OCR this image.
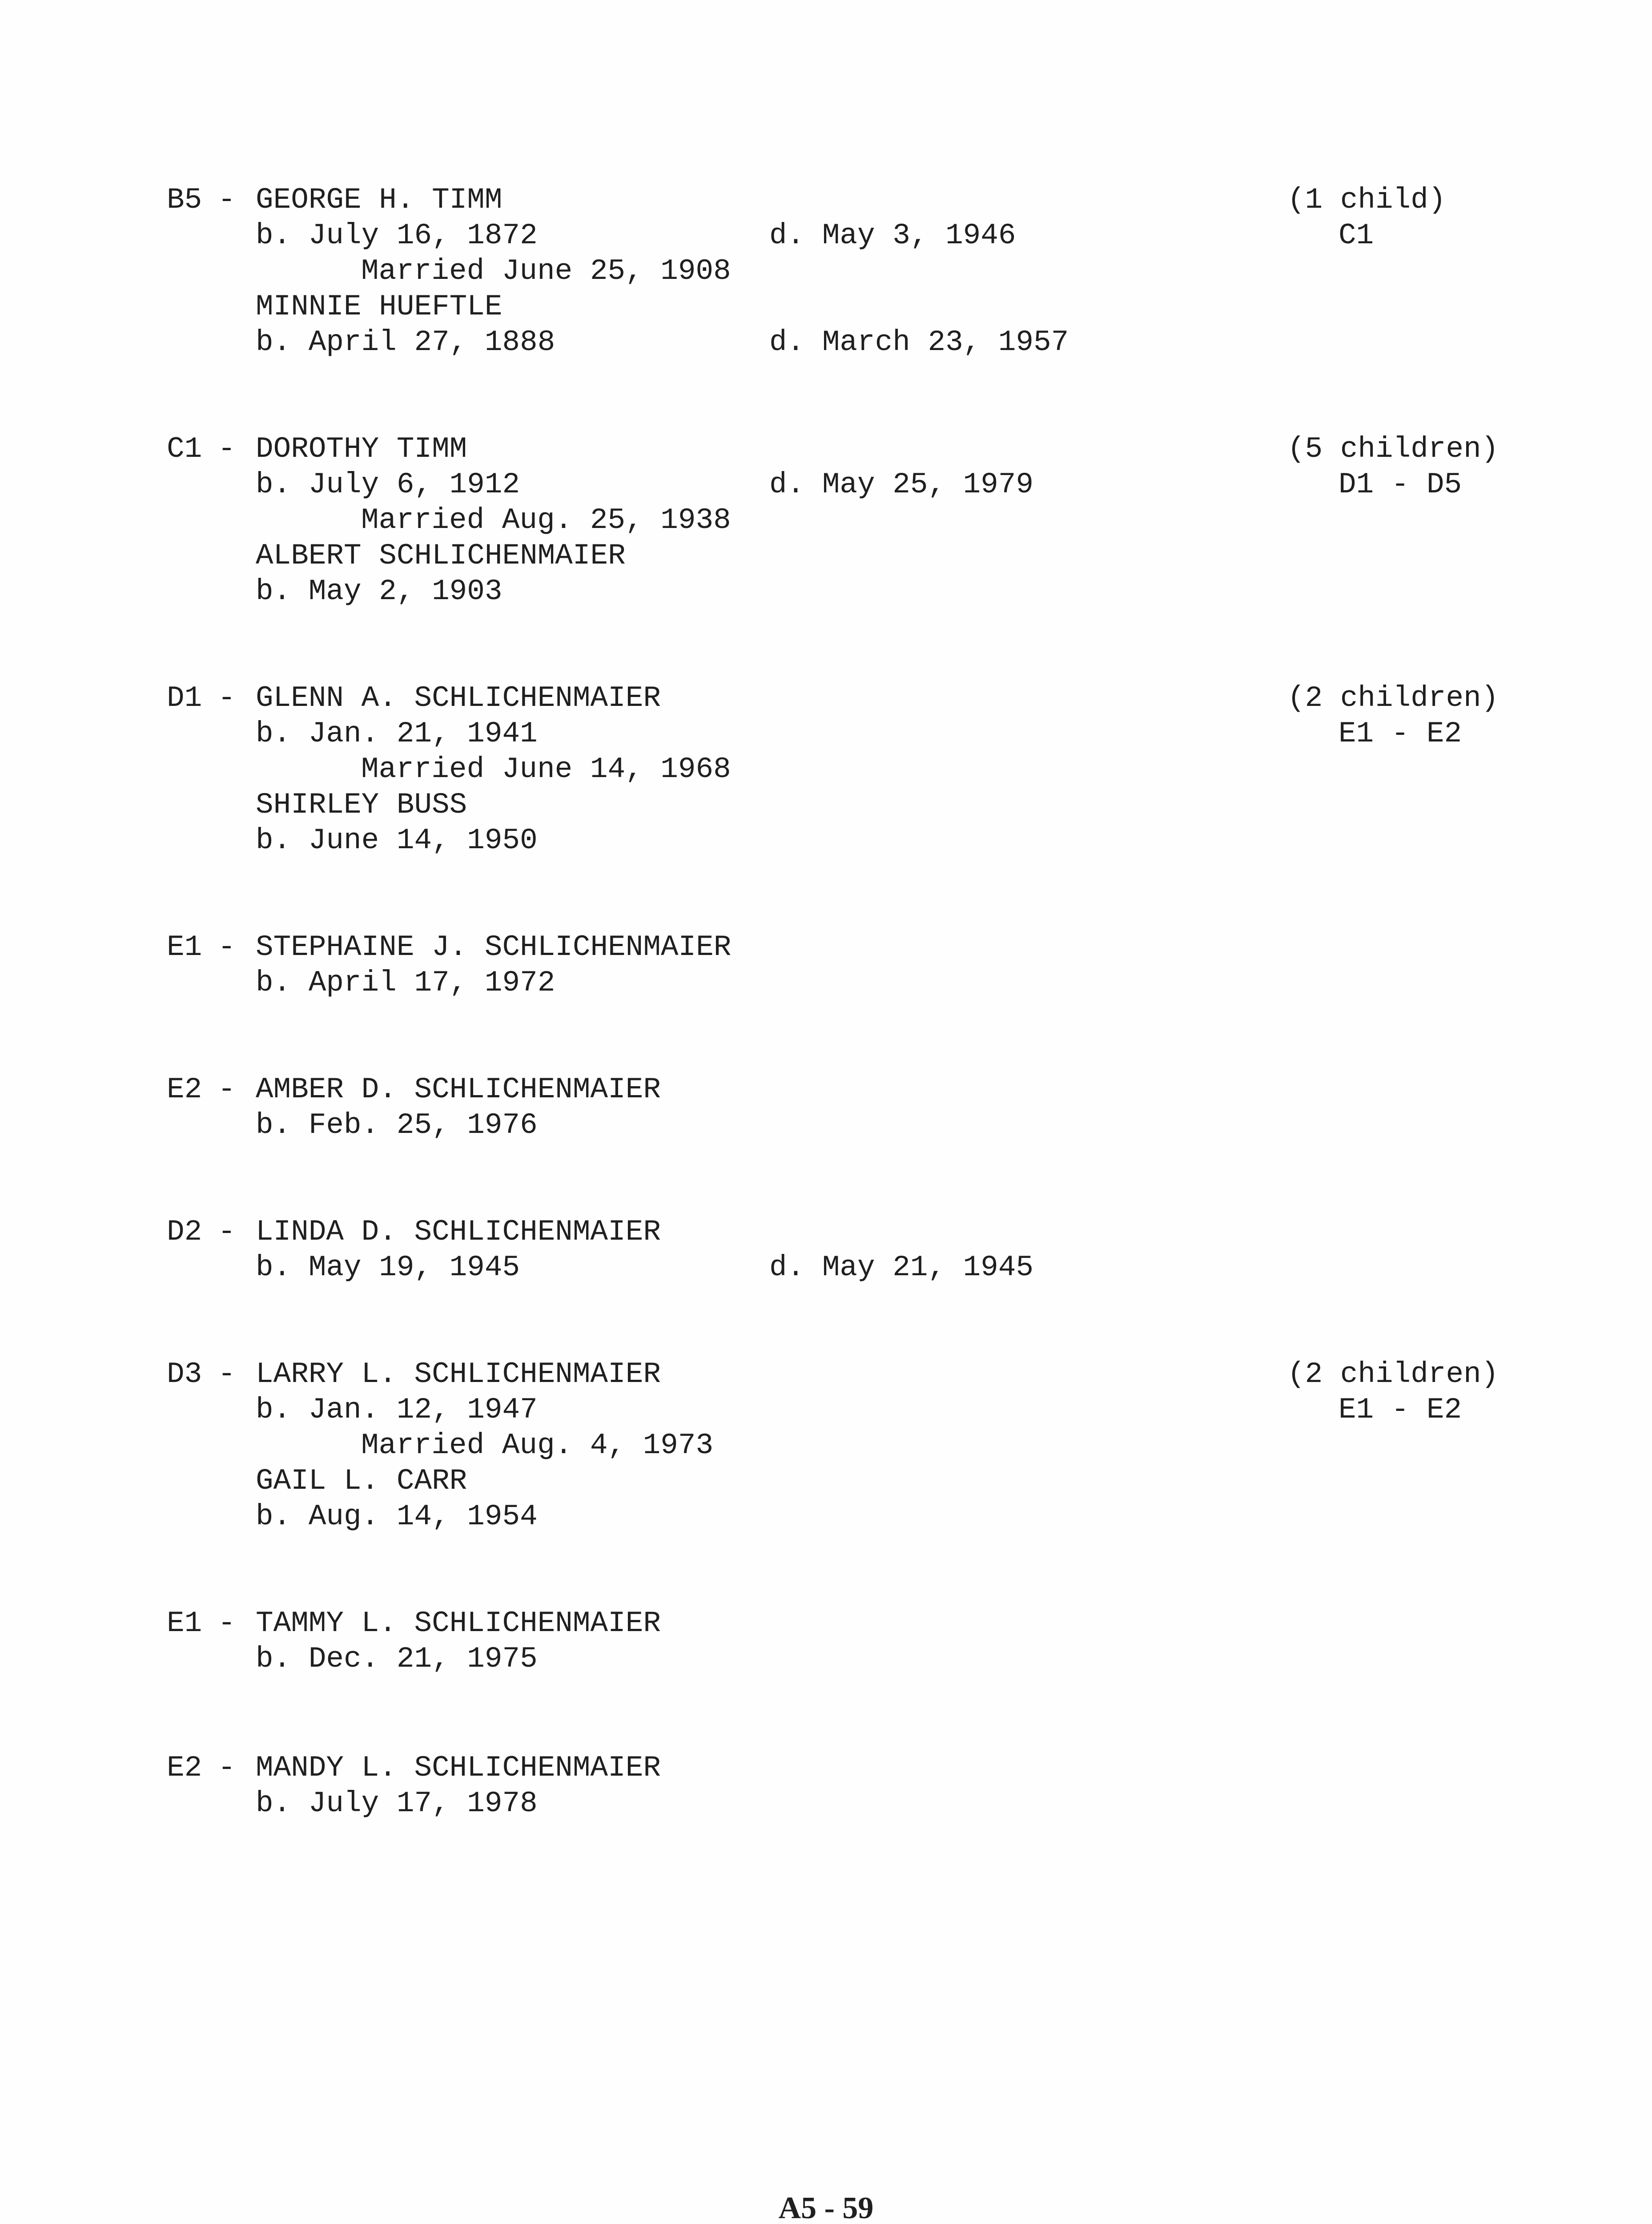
B5 - GEORGE H. TIMM	(1 child)
b. July 16, 1872	d. May 3, 1946	C1
Married June 25, 1908
MINNIE HUEFTLE
b. April 27, 1888	d. March 23, 1957
C1 - DOROTHY TIMM	(5 children)
b. July 6, 1912	d. May 25, 1979	D1 - D5
Married Aug. 25, 1938
ALBERT SCHLICHENMAIER
b. May 2, 1903
D1 - GLENN A. SCHLICHENMAIER	(2 children)
b. Jan. 21, 1941	E1 - E2
Married June 14, 1968
SHIRLEY BUSS
b. June 14, 1950
E1 - STEPHAINE J. SCHLICHENMAIER
b. April 17, 1972
E2 - AMBER D. SCHLICHENMAIER
b. Feb. 25, 1976
D2 - LINDA D. SCHLICHENMAIER
b. May 19, 1945	d. May 21, 1945
D3 - LARRY L. SCHLICHENMAIER	(2 children)
b. Jan. 12, 1947	E1 - E2
Married Aug. 4, 1973
GAIL L. CARR
b. Aug. 14, 1954
E1 - TAMMY L. SCHLICHENMAIER
b. Dec. 21, 1975
E2 - MANDY L. SCHLICHENMAIER
b. July 17, 1978
A5 - 59
